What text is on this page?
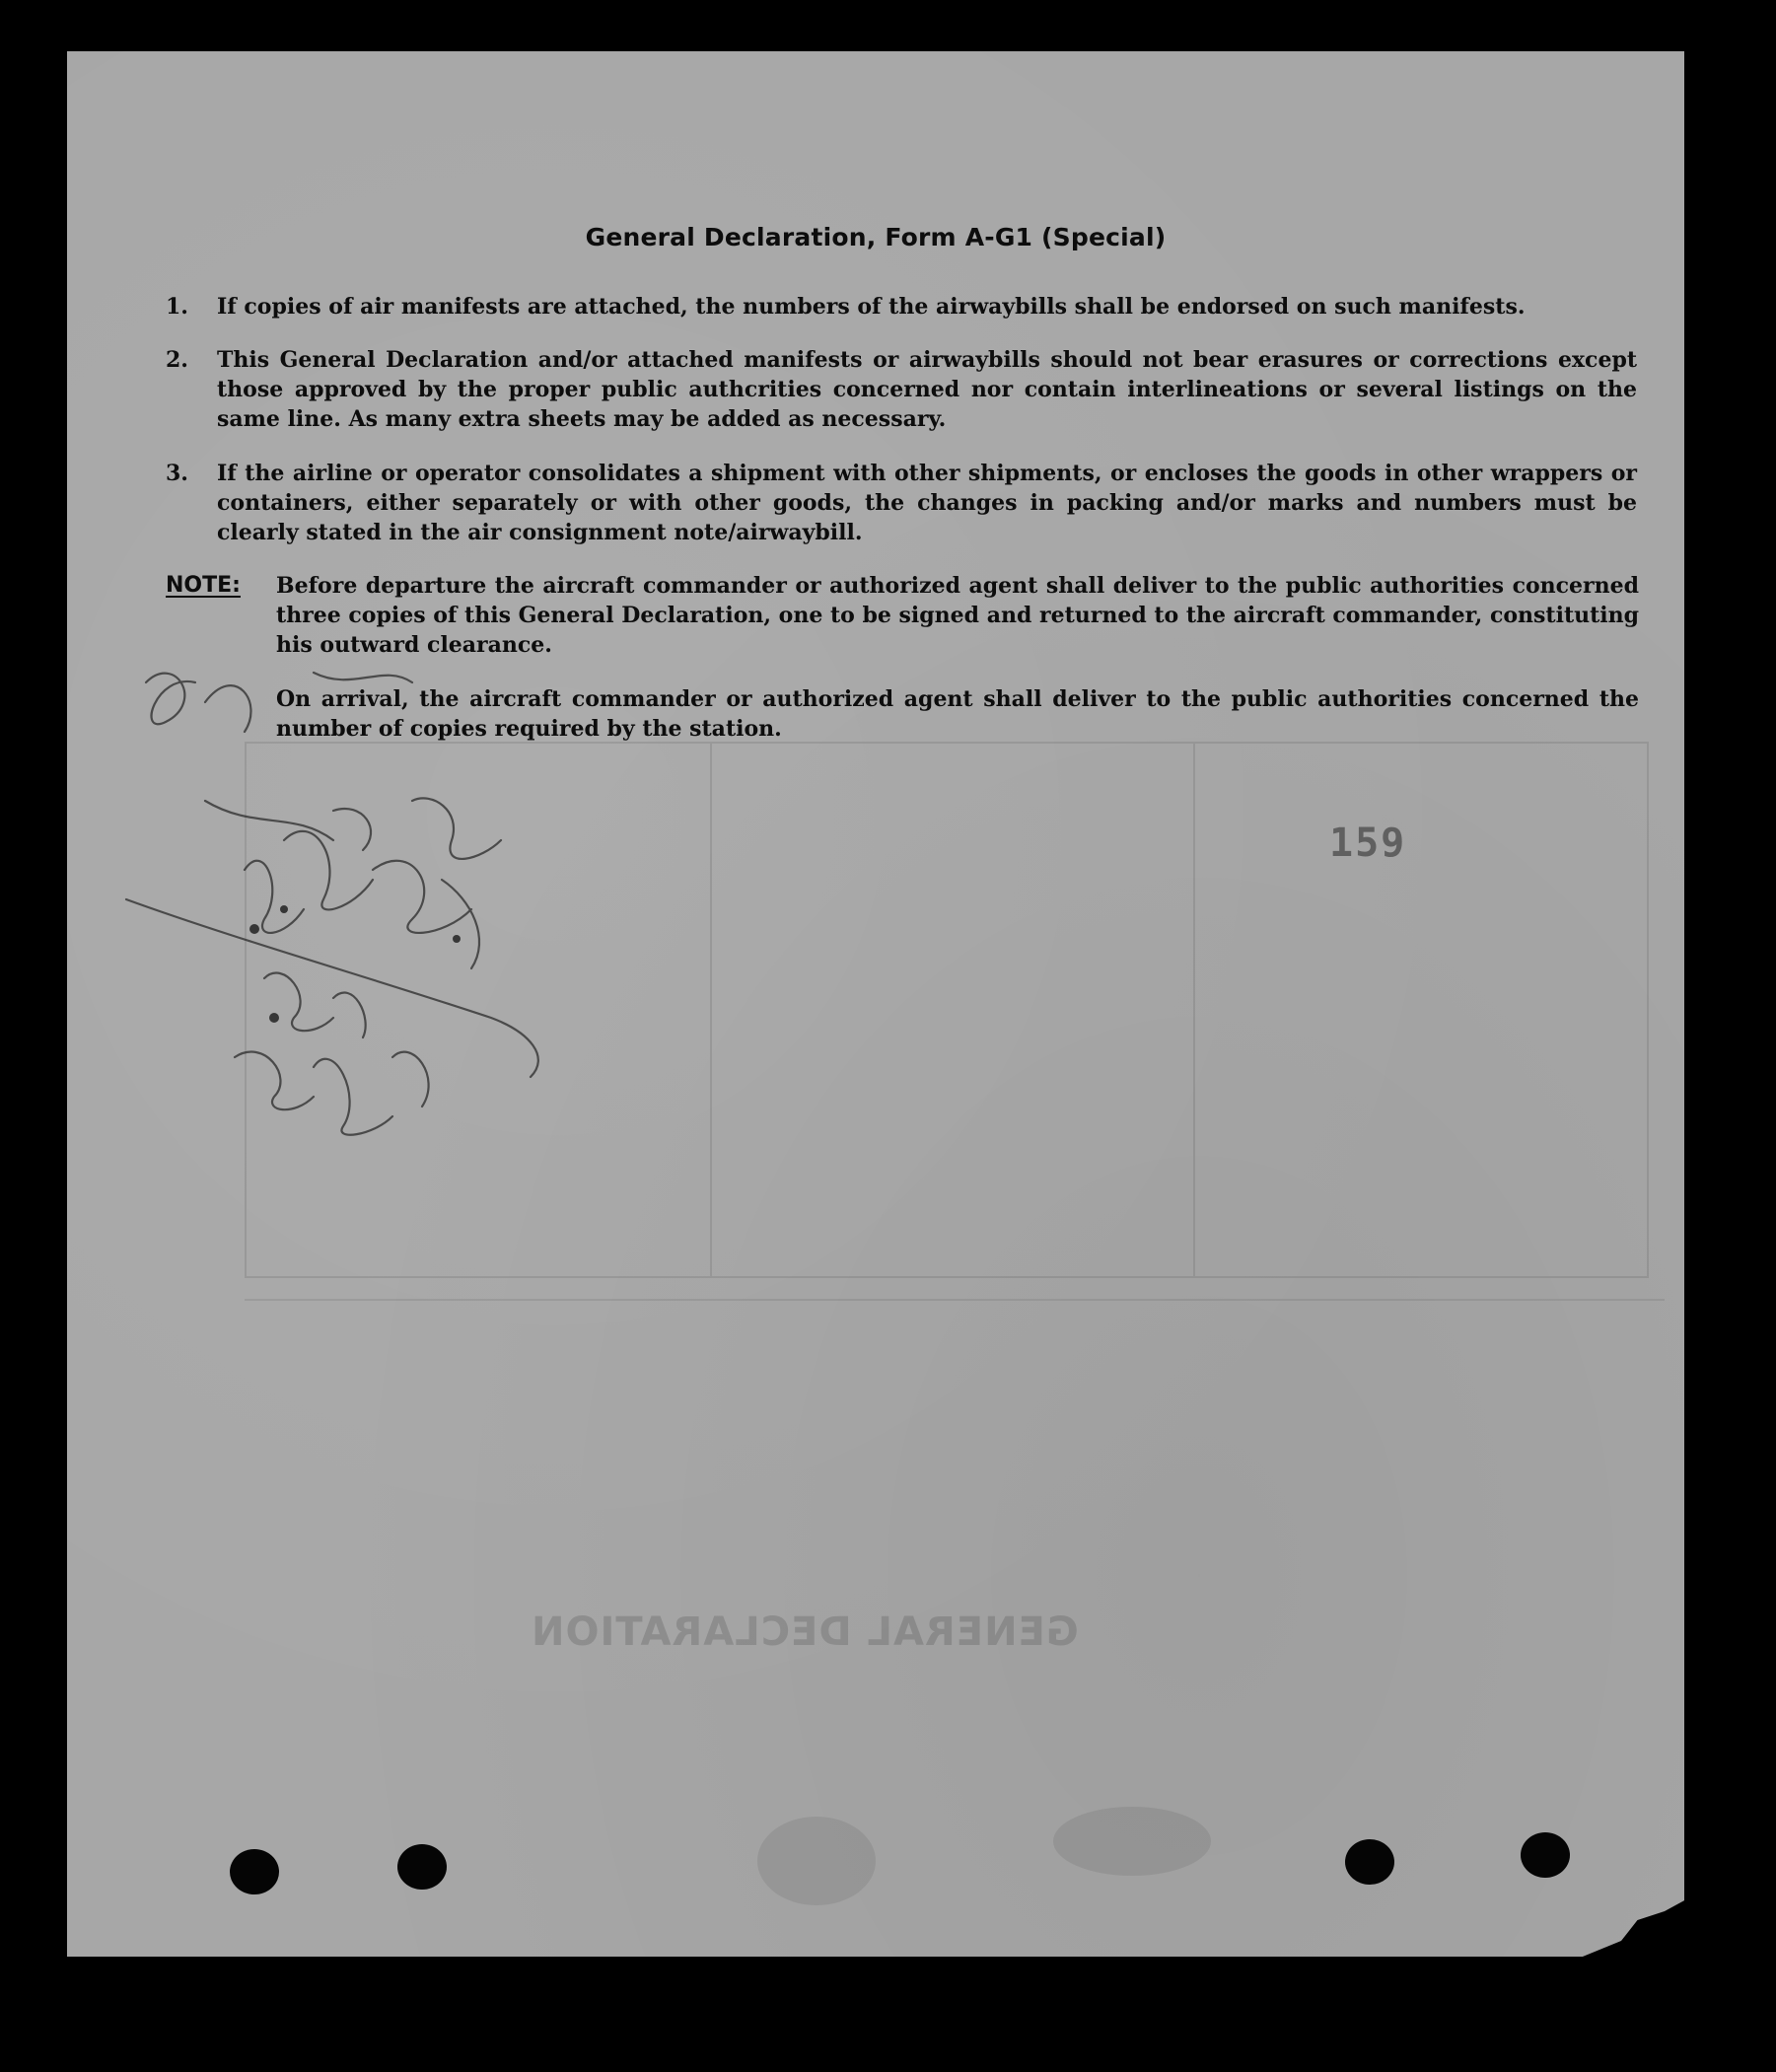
GENERAL DECLARATION
159
General Declaration, Form A-G1 (Special)
1. If copies of air manifests are attached, the numbers of the airwaybills shall be endorsed on such manifests.
2. This General Declaration and/or attached manifests or airwaybills should not bear erasures or corrections except those approved by the proper public authcrities concerned nor contain interlineations or several listings on the same line. As many extra sheets may be added as necessary.
3. If the airline or operator consolidates a shipment with other shipments, or encloses the goods in other wrappers or containers, either separately or with other goods, the changes in packing and/or marks and numbers must be clearly stated in the air consignment note/airwaybill.
NOTE: Before departure the aircraft commander or authorized agent shall deliver to the public authorities concerned three copies of this General Declaration, one to be signed and returned to the aircraft commander, constituting his outward clearance.
On arrival, the aircraft commander or authorized agent shall deliver to the public authorities concerned the number of copies required by the station.
